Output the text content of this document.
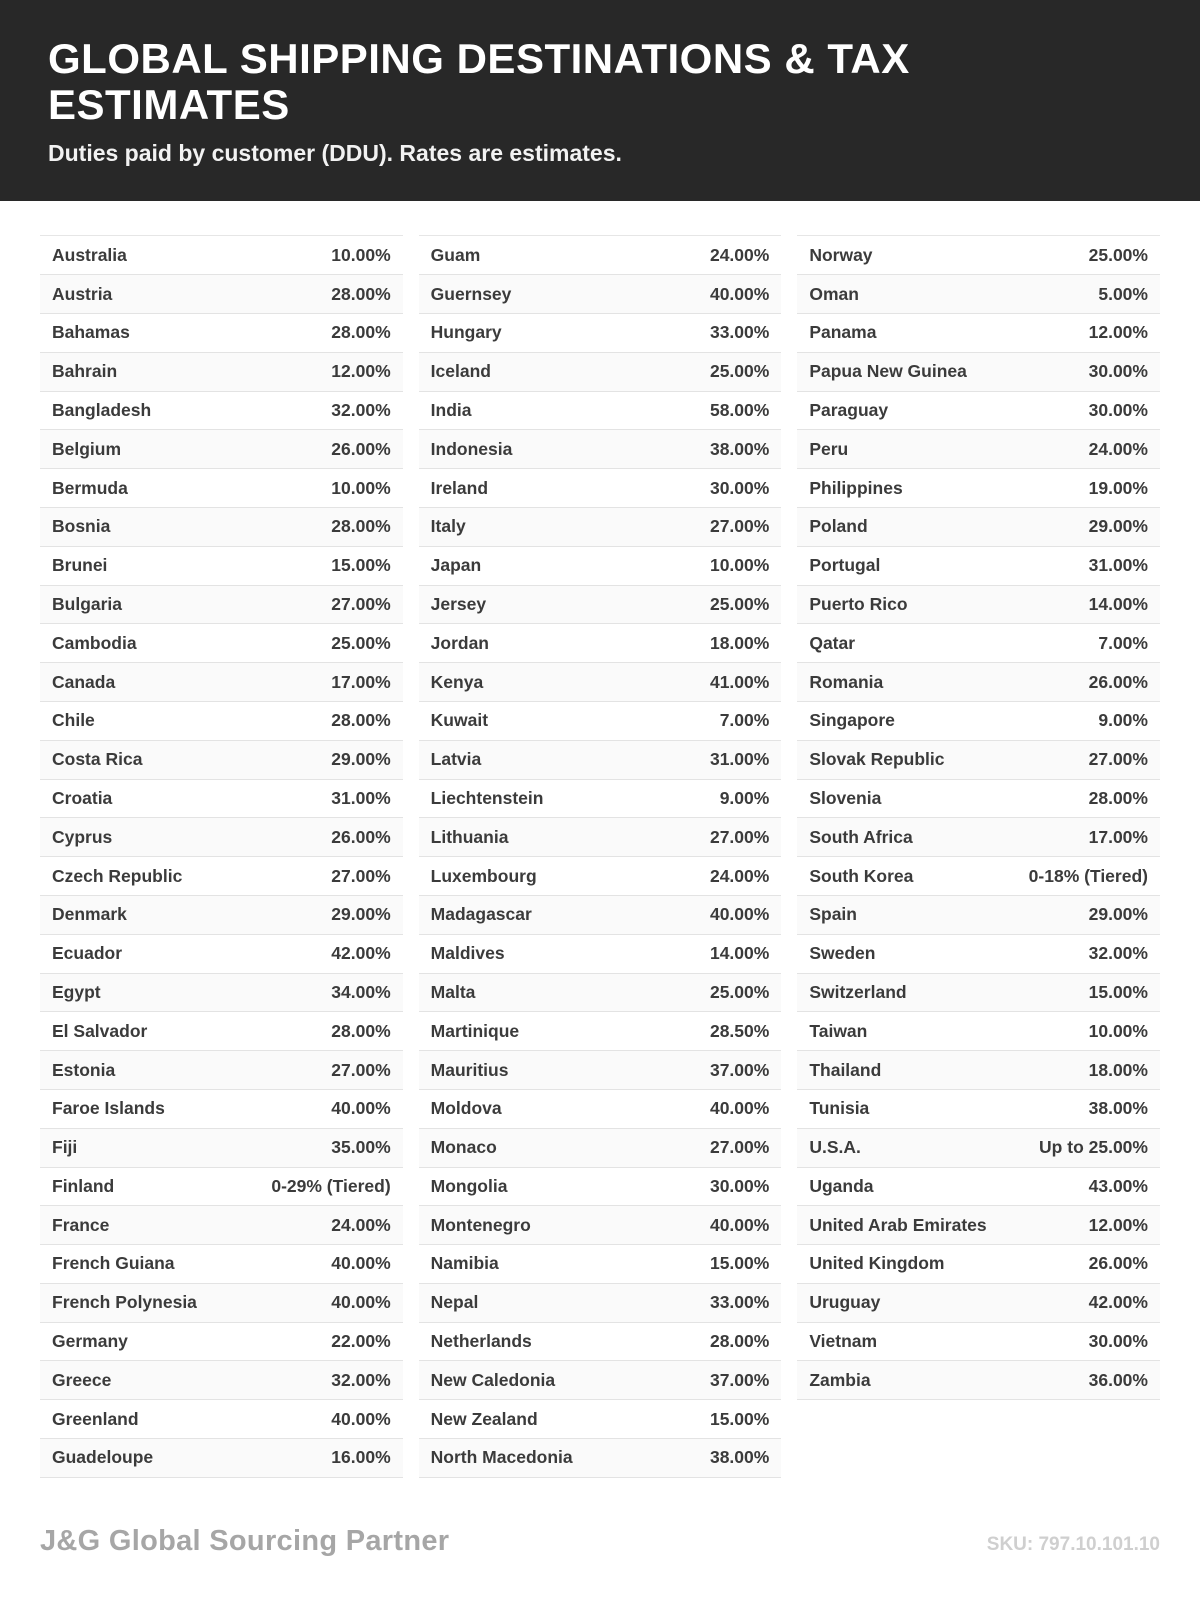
GLOBAL SHIPPING DESTINATIONS & TAX ESTIMATES
Duties paid by customer (DDU). Rates are estimates.
Australia	10.00%
Austria	28.00%
Bahamas	28.00%
Bahrain	12.00%
Bangladesh	32.00%
Belgium	26.00%
Bermuda	10.00%
Bosnia	28.00%
Brunei	15.00%
Bulgaria	27.00%
Cambodia	25.00%
Canada	17.00%
Chile	28.00%
Costa Rica	29.00%
Croatia	31.00%
Cyprus	26.00%
Czech Republic	27.00%
Denmark	29.00%
Ecuador	42.00%
Egypt	34.00%
El Salvador	28.00%
Estonia	27.00%
Faroe Islands	40.00%
Fiji	35.00%
Finland	0-29% (Tiered)
France	24.00%
French Guiana	40.00%
French Polynesia	40.00%
Germany	22.00%
Greece	32.00%
Greenland	40.00%
Guadeloupe	16.00%
Guam	24.00%
Guernsey	40.00%
Hungary	33.00%
Iceland	25.00%
India	58.00%
Indonesia	38.00%
Ireland	30.00%
Italy	27.00%
Japan	10.00%
Jersey	25.00%
Jordan	18.00%
Kenya	41.00%
Kuwait	7.00%
Latvia	31.00%
Liechtenstein	9.00%
Lithuania	27.00%
Luxembourg	24.00%
Madagascar	40.00%
Maldives	14.00%
Malta	25.00%
Martinique	28.50%
Mauritius	37.00%
Moldova	40.00%
Monaco	27.00%
Mongolia	30.00%
Montenegro	40.00%
Namibia	15.00%
Nepal	33.00%
Netherlands	28.00%
New Caledonia	37.00%
New Zealand	15.00%
North Macedonia	38.00%
Norway	25.00%
Oman	5.00%
Panama	12.00%
Papua New Guinea	30.00%
Paraguay	30.00%
Peru	24.00%
Philippines	19.00%
Poland	29.00%
Portugal	31.00%
Puerto Rico	14.00%
Qatar	7.00%
Romania	26.00%
Singapore	9.00%
Slovak Republic	27.00%
Slovenia	28.00%
South Africa	17.00%
South Korea	0-18% (Tiered)
Spain	29.00%
Sweden	32.00%
Switzerland	15.00%
Taiwan	10.00%
Thailand	18.00%
Tunisia	38.00%
U.S.A.	Up to 25.00%
Uganda	43.00%
United Arab Emirates	12.00%
United Kingdom	26.00%
Uruguay	42.00%
Vietnam	30.00%
Zambia	36.00%
J&G Global Sourcing Partner	SKU: 797.10.101.10
